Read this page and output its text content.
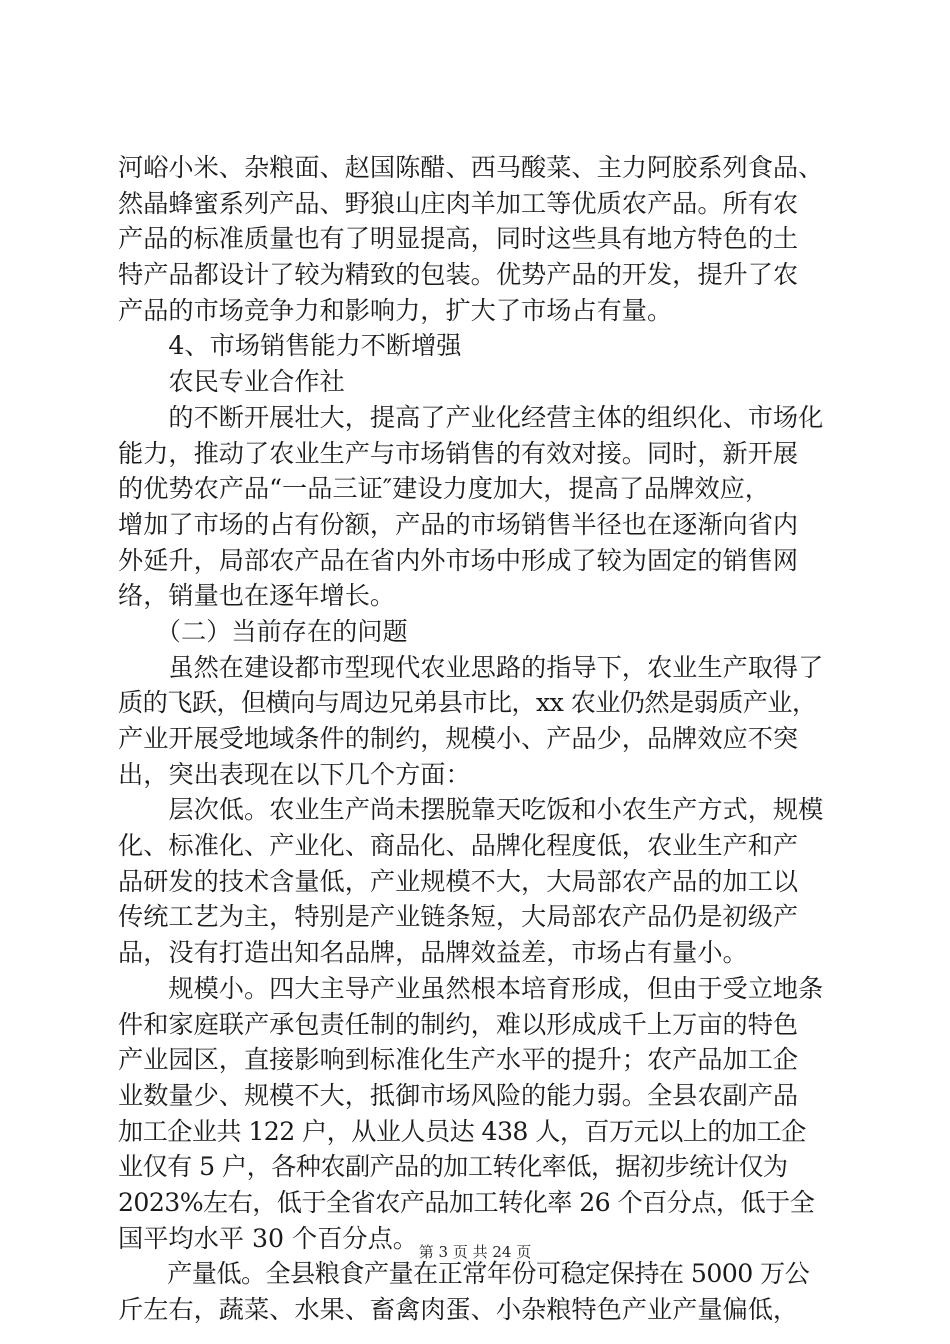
河峪小米、杂粮面、赵国陈醋、西马酸菜、主力阿胶系列食品、
然晶蜂蜜系列产品、野狼山庄肉羊加工等优质农产品。所有农
产品的标准质量也有了明显提高，同时这些具有地方特色的土
特产品都设计了较为精致的包装。优势产品的开发，提升了农
产品的市场竞争力和影响力，扩大了市场占有量。
　　4、市场销售能力不断增强
　　农民专业合作社
　　的不断开展壮大，提高了产业化经营主体的组织化、市场化
能力，推动了农业生产与市场销售的有效对接。同时，新开展
的优势农产品“一品三证″建设力度加大，提高了品牌效应，
增加了市场的占有份额，产品的市场销售半径也在逐渐向省内
外延升，局部农产品在省内外市场中形成了较为固定的销售网
络，销量也在逐年增长。
　　（二）当前存在的问题
　　虽然在建设都市型现代农业思路的指导下，农业生产取得了
质的飞跃，但横向与周边兄弟县市比，xx 农业仍然是弱质产业，
产业开展受地域条件的制约，规模小、产品少，品牌效应不突
出，突出表现在以下几个方面：
　　层次低。农业生产尚未摆脱靠天吃饭和小农生产方式，规模
化、标准化、产业化、商品化、品牌化程度低，农业生产和产
品研发的技术含量低，产业规模不大，大局部农产品的加工以
传统工艺为主，特别是产业链条短，大局部农产品仍是初级产
品，没有打造出知名品牌，品牌效益差，市场占有量小。
　　规模小。四大主导产业虽然根本培育形成，但由于受立地条
件和家庭联产承包责任制的制约，难以形成成千上万亩的特色
产业园区，直接影响到标准化生产水平的提升；农产品加工企
业数量少、规模不大，抵御市场风险的能力弱。全县农副产品
加工企业共 122 户，从业人员达 438 人，百万元以上的加工企
业仅有 5 户，各种农副产品的加工转化率低，据初步统计仅为
2023%左右，低于全省农产品加工转化率 26 个百分点，低于全
国平均水平 30 个百分点。
　　产量低。全县粮食产量在正常年份可稳定保持在 5000 万公
斤左右，蔬菜、水果、畜禽肉蛋、小杂粮特色产业产量偏低，
第 3 页 共 24 页
